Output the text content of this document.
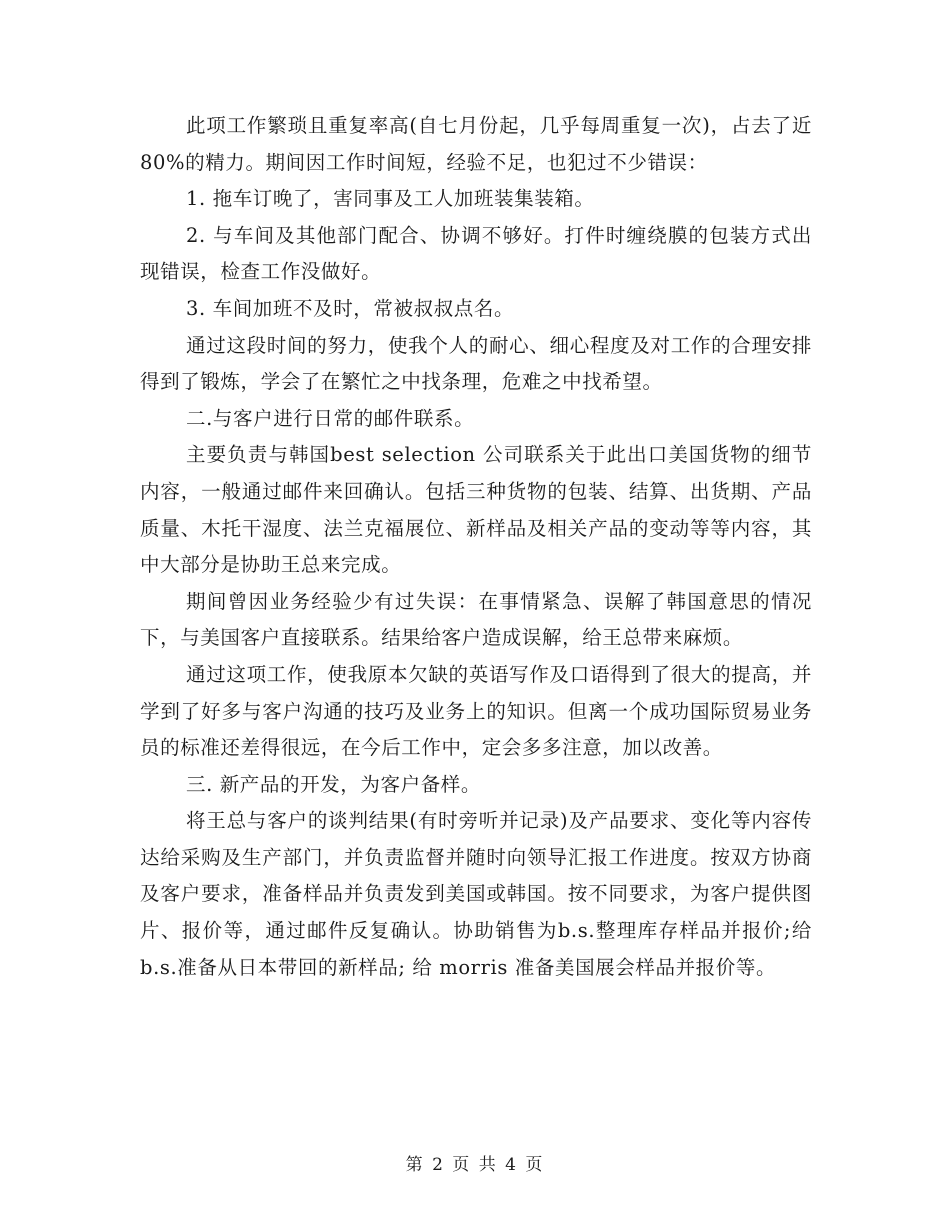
此项工作繁琐且重复率高(自七月份起，几乎每周重复一次)，占去了近80%的精力。期间因工作时间短，经验不足，也犯过不少错误：

1. 拖车订晚了，害同事及工人加班装集装箱。

2. 与车间及其他部门配合、协调不够好。打件时缠绕膜的包装方式出现错误，检查工作没做好。

3. 车间加班不及时，常被叔叔点名。

通过这段时间的努力，使我个人的耐心、细心程度及对工作的合理安排得到了锻炼，学会了在繁忙之中找条理，危难之中找希望。

二.与客户进行日常的邮件联系。

主要负责与韩国best selection 公司联系关于此出口美国货物的细节内容，一般通过邮件来回确认。包括三种货物的包装、结算、出货期、产品质量、木托干湿度、法兰克福展位、新样品及相关产品的变动等等内容，其中大部分是协助王总来完成。

期间曾因业务经验少有过失误：在事情紧急、误解了韩国意思的情况下，与美国客户直接联系。结果给客户造成误解，给王总带来麻烦。

通过这项工作，使我原本欠缺的英语写作及口语得到了很大的提高，并学到了好多与客户沟通的技巧及业务上的知识。但离一个成功国际贸易业务员的标准还差得很远，在今后工作中，定会多多注意，加以改善。

三. 新产品的开发，为客户备样。

将王总与客户的谈判结果(有时旁听并记录)及产品要求、变化等内容传达给采购及生产部门，并负责监督并随时向领导汇报工作进度。按双方协商及客户要求，准备样品并负责发到美国或韩国。按不同要求，为客户提供图片、报价等，通过邮件反复确认。协助销售为b.s.整理库存样品并报价;给b.s.准备从日本带回的新样品; 给 morris 准备美国展会样品并报价等。

第 2 页 共 4 页
